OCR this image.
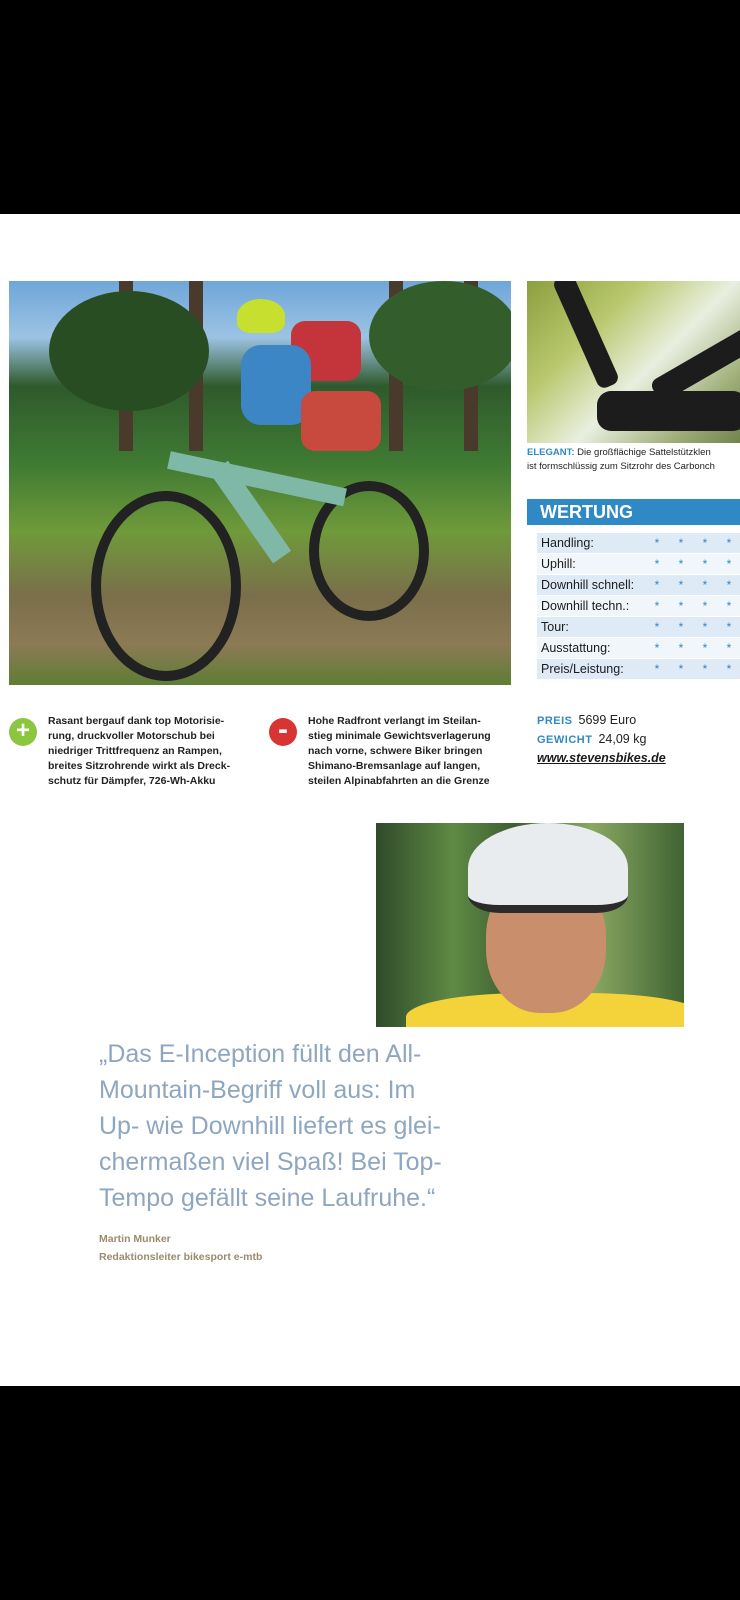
ELEGANT: Die großflächige Sattelstützklen
ist formschlüssig zum Sitzrohr des Carbonch
WERTUNG
Handling:	*	*	*	*
Uphill:	*	*	*	*
Downhill schnell:	*	*	*	*
Downhill techn.:	*	*	*	*
Tour:	*	*	*	*
Ausstattung:	*	*	*	*
Preis/Leistung:	*	*	*	*
+	Rasant bergauf dank top Motorisie-
rung, druckvoller Motorschub bei
niedriger Trittfrequenz an Rampen,
breites Sitzrohrende wirkt als Dreck-
schutz für Dämpfer, 726-Wh-Akku
-	Hohe Radfront verlangt im Steilan-
stieg minimale Gewichtsverlagerung
nach vorne, schwere Biker bringen
Shimano-Bremsanlage auf langen,
steilen Alpinabfahrten an die Grenze
PREIS 5699 Euro
GEWICHT 24,09 kg
www.stevensbikes.de
„Das E-Inception füllt den All-
Mountain-Begriff voll aus: Im
Up- wie Downhill liefert es glei-
chermaßen viel Spaß! Bei Top-
Tempo gefällt seine Laufruhe.“
Martin Munker
Redaktionsleiter bikesport e-mtb
